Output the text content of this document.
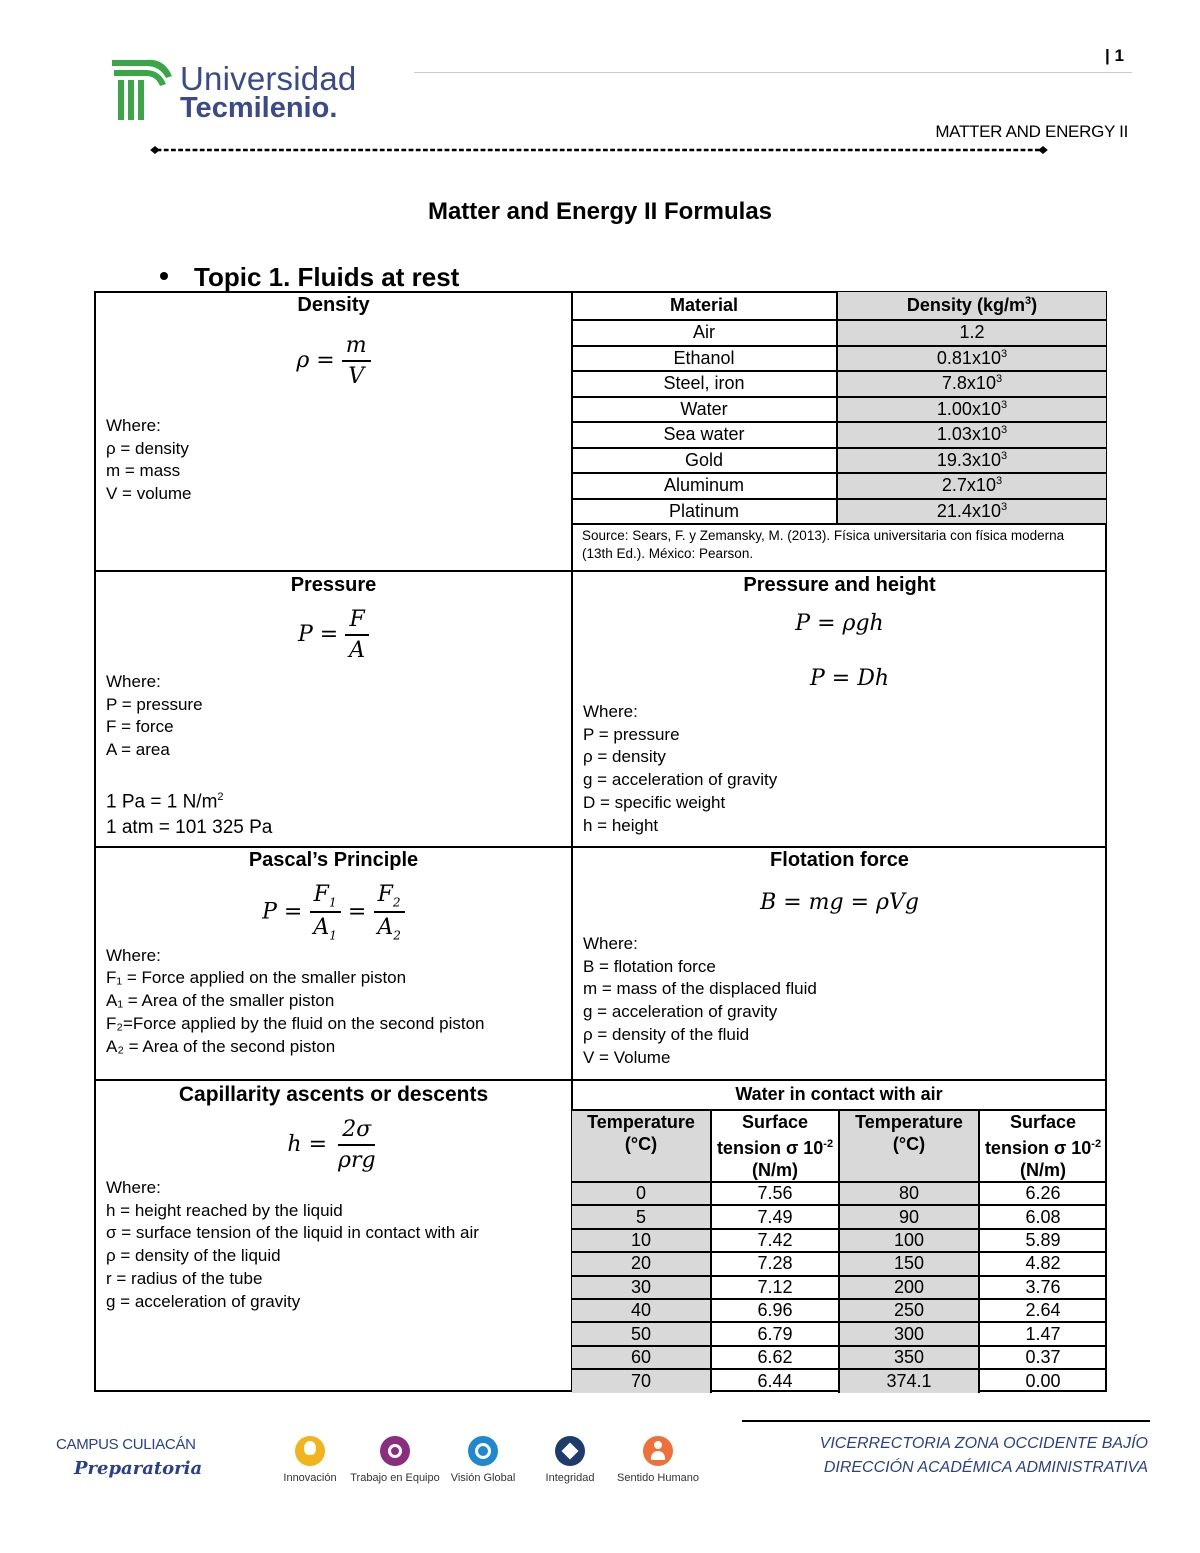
| 1
Universidad
Tecmilenio.
MATTER AND ENERGY II
Matter and Energy II Formulas
Topic 1. Fluids at rest
Density
$\rho = \frac{m}{V}$
Where:
ρ = density
m = mass
V = volume
Material	Density $(kg/m^3)$
Air	1.2
Ethanol	$0.81x10^3$
Steel, iron	$7.8x10^3$
Water	$1.00x10^3$
Sea water	$1.03x10^3$
Gold	$19.3x10^3$
Aluminum	$2.7x10^3$
Platinum	$21.4x10^3$
Source: Sears, F. y Zemansky, M. (2013). Física universitaria con física moderna (13th Ed.). México: Pearson.	
Pressure
$P = \frac{F}{A}$
Where:
P = pressure
F = force
A = area
1 Pa = 1 $N/m^2$
1 atm = 101 325 Pa
Pressure and height
P = ρgh
P = Dh
Where:
P = pressure
ρ = density
g = acceleration of gravity
D = specific weight
h = height
Pascal’s Principle
$P = \frac{F_1}{A_1} = \frac{F_2}{A_2}$
Where:
F₁ = Force applied on the smaller piston
A₁ = Area of the smaller piston
F₂=Force applied by the fluid on the second piston
A₂ = Area of the second piston
Flotation force
B = mg = ρVg
Where:
B = flotation force
m = mass of the displaced fluid
g = acceleration of gravity
ρ = density of the fluid
V = Volume
Capillarity ascents or descents
$h = \frac{2\sigma}{\text{ρrg}}$
Where:
h = height reached by the liquid
σ = surface tension of the liquid in contact with air
ρ = density of the liquid
r = radius of the tube
g = acceleration of gravity
Water in contact with air			
Temperature (°C)	Surface tension σ $10^{-2}$ (N/m)	Temperature (°C)	Surface tension σ $10^{-2}$ (N/m)
0	7.56	80	6.26
5	7.49	90	6.08
10	7.42	100	5.89
20	7.28	150	4.82
30	7.12	200	3.76
40	6.96	250	2.64
50	6.79	300	1.47
60	6.62	350	0.37
70	6.44	374.1	0.00
CAMPUS CULIACÁN
Preparatoria	Innovación	Trabajo en Equipo Visión Global	Integridad	Sentido Humano
VICERRECTORIA ZONA OCCIDENTE BAJÍO
DIRECCIÓN ACADÉMICA ADMINISTRATIVA
